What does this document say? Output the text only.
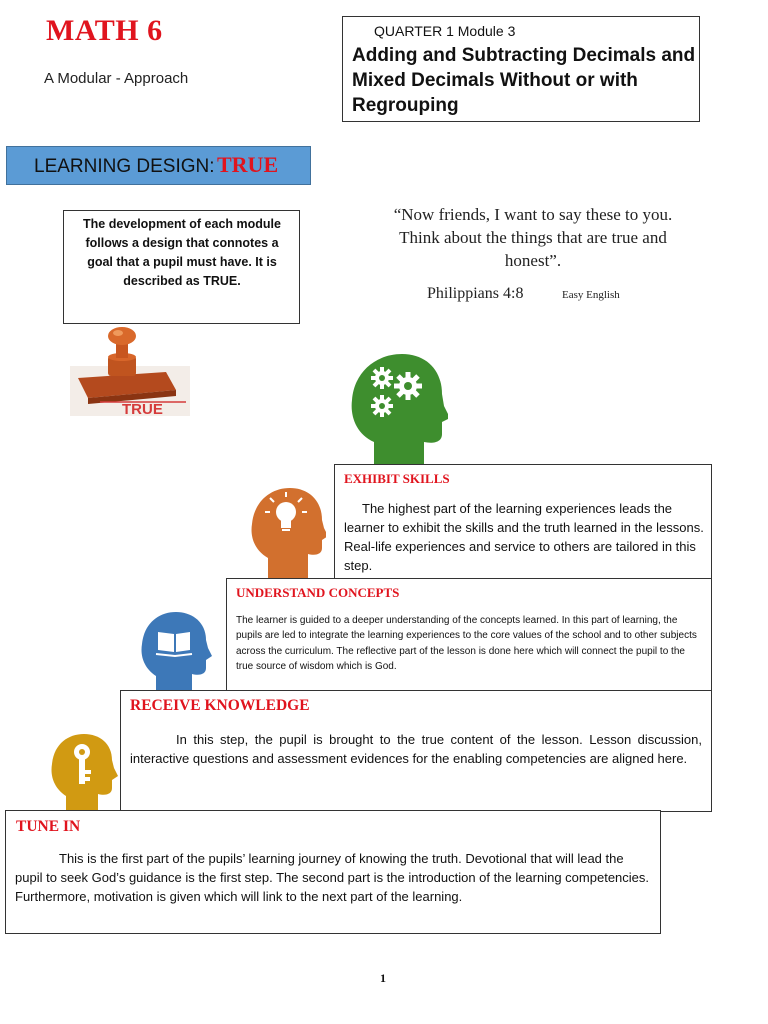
MATH 6
A Modular - Approach
QUARTER 1 Module 3
Adding and Subtracting Decimals and Mixed Decimals Without or with Regrouping
LEARNING DESIGN: TRUE
The development of each module follows a design that connotes a goal that a pupil must have. It is described as TRUE.
“Now friends, I want to say these to you. Think about the things that are true and honest”.
Philippians 4:8	Easy English
TRUE
EXHIBIT SKILLS
The highest part of the learning experiences leads the learner to exhibit the skills and the truth learned in the lessons. Real-life experiences and service to others are tailored in this step.
UNDERSTAND CONCEPTS
The learner is guided to a deeper understanding of the concepts learned. In this part of learning, the pupils are led to integrate the learning experiences to the core values of the school and to other subjects across the curriculum. The reflective part of the lesson is done here which will connect the pupil to the true source of wisdom which is God.
RECEIVE KNOWLEDGE
In this step, the pupil is brought to the true content of the lesson. Lesson discussion, interactive questions and assessment evidences for the enabling competencies are aligned here.
TUNE IN
This is the first part of the pupils’ learning journey of knowing the truth. Devotional that will lead the pupil to seek God’s guidance is the first step. The second part is the introduction of the learning competencies. Furthermore, motivation is given which will link to the next part of the learning.
1
